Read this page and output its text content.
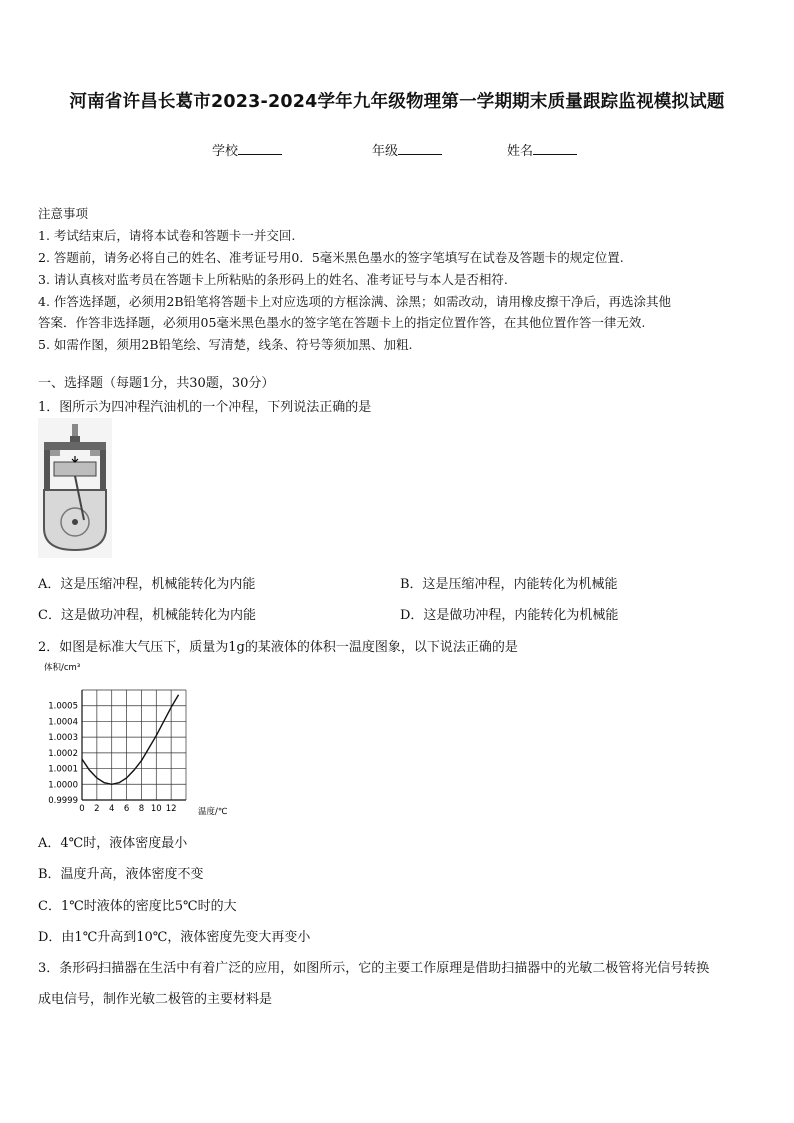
河南省许昌长葛市2023-2024学年九年级物理第一学期期末质量跟踪监视模拟试题
学校	年级	姓名
注意事项
1. 考试结束后，请将本试卷和答题卡一并交回.
2. 答题前，请务必将自己的姓名、准考证号用0．5毫米黑色墨水的签字笔填写在试卷及答题卡的规定位置.
3. 请认真核对监考员在答题卡上所粘贴的条形码上的姓名、准考证号与本人是否相符.
4. 作答选择题，必须用2B铅笔将答题卡上对应选项的方框涂满、涂黑；如需改动，请用橡皮擦干净后，再选涂其他
答案．作答非选择题，必须用05毫米黑色墨水的签字笔在答题卡上的指定位置作答，在其他位置作答一律无效.
5. 如需作图，须用2B铅笔绘、写清楚，线条、符号等须加黑、加粗.
一、选择题（每题1分，共30题，30分）
1．图所示为四冲程汽油机的一个冲程，下列说法正确的是
A．这是压缩冲程，机械能转化为内能	B．这是压缩冲程，内能转化为机械能
C．这是做功冲程，机械能转化为内能	D．这是做功冲程，内能转化为机械能
2．如图是标准大气压下，质量为1g的某液体的体积一温度图象，以下说法正确的是
0.9999
1.0000
1.0001
1.0002
1.0003
1.0004
1.0005
0 2 4 6 8 10 12
体积/cm³
温度/℃
A．4℃时，液体密度最小
B．温度升高，液体密度不变
C．1℃时液体的密度比5℃时的大
D．由1℃升高到10℃，液体密度先变大再变小
3．条形码扫描器在生活中有着广泛的应用，如图所示，它的主要工作原理是借助扫描器中的光敏二极管将光信号转换
成电信号，制作光敏二极管的主要材料是
